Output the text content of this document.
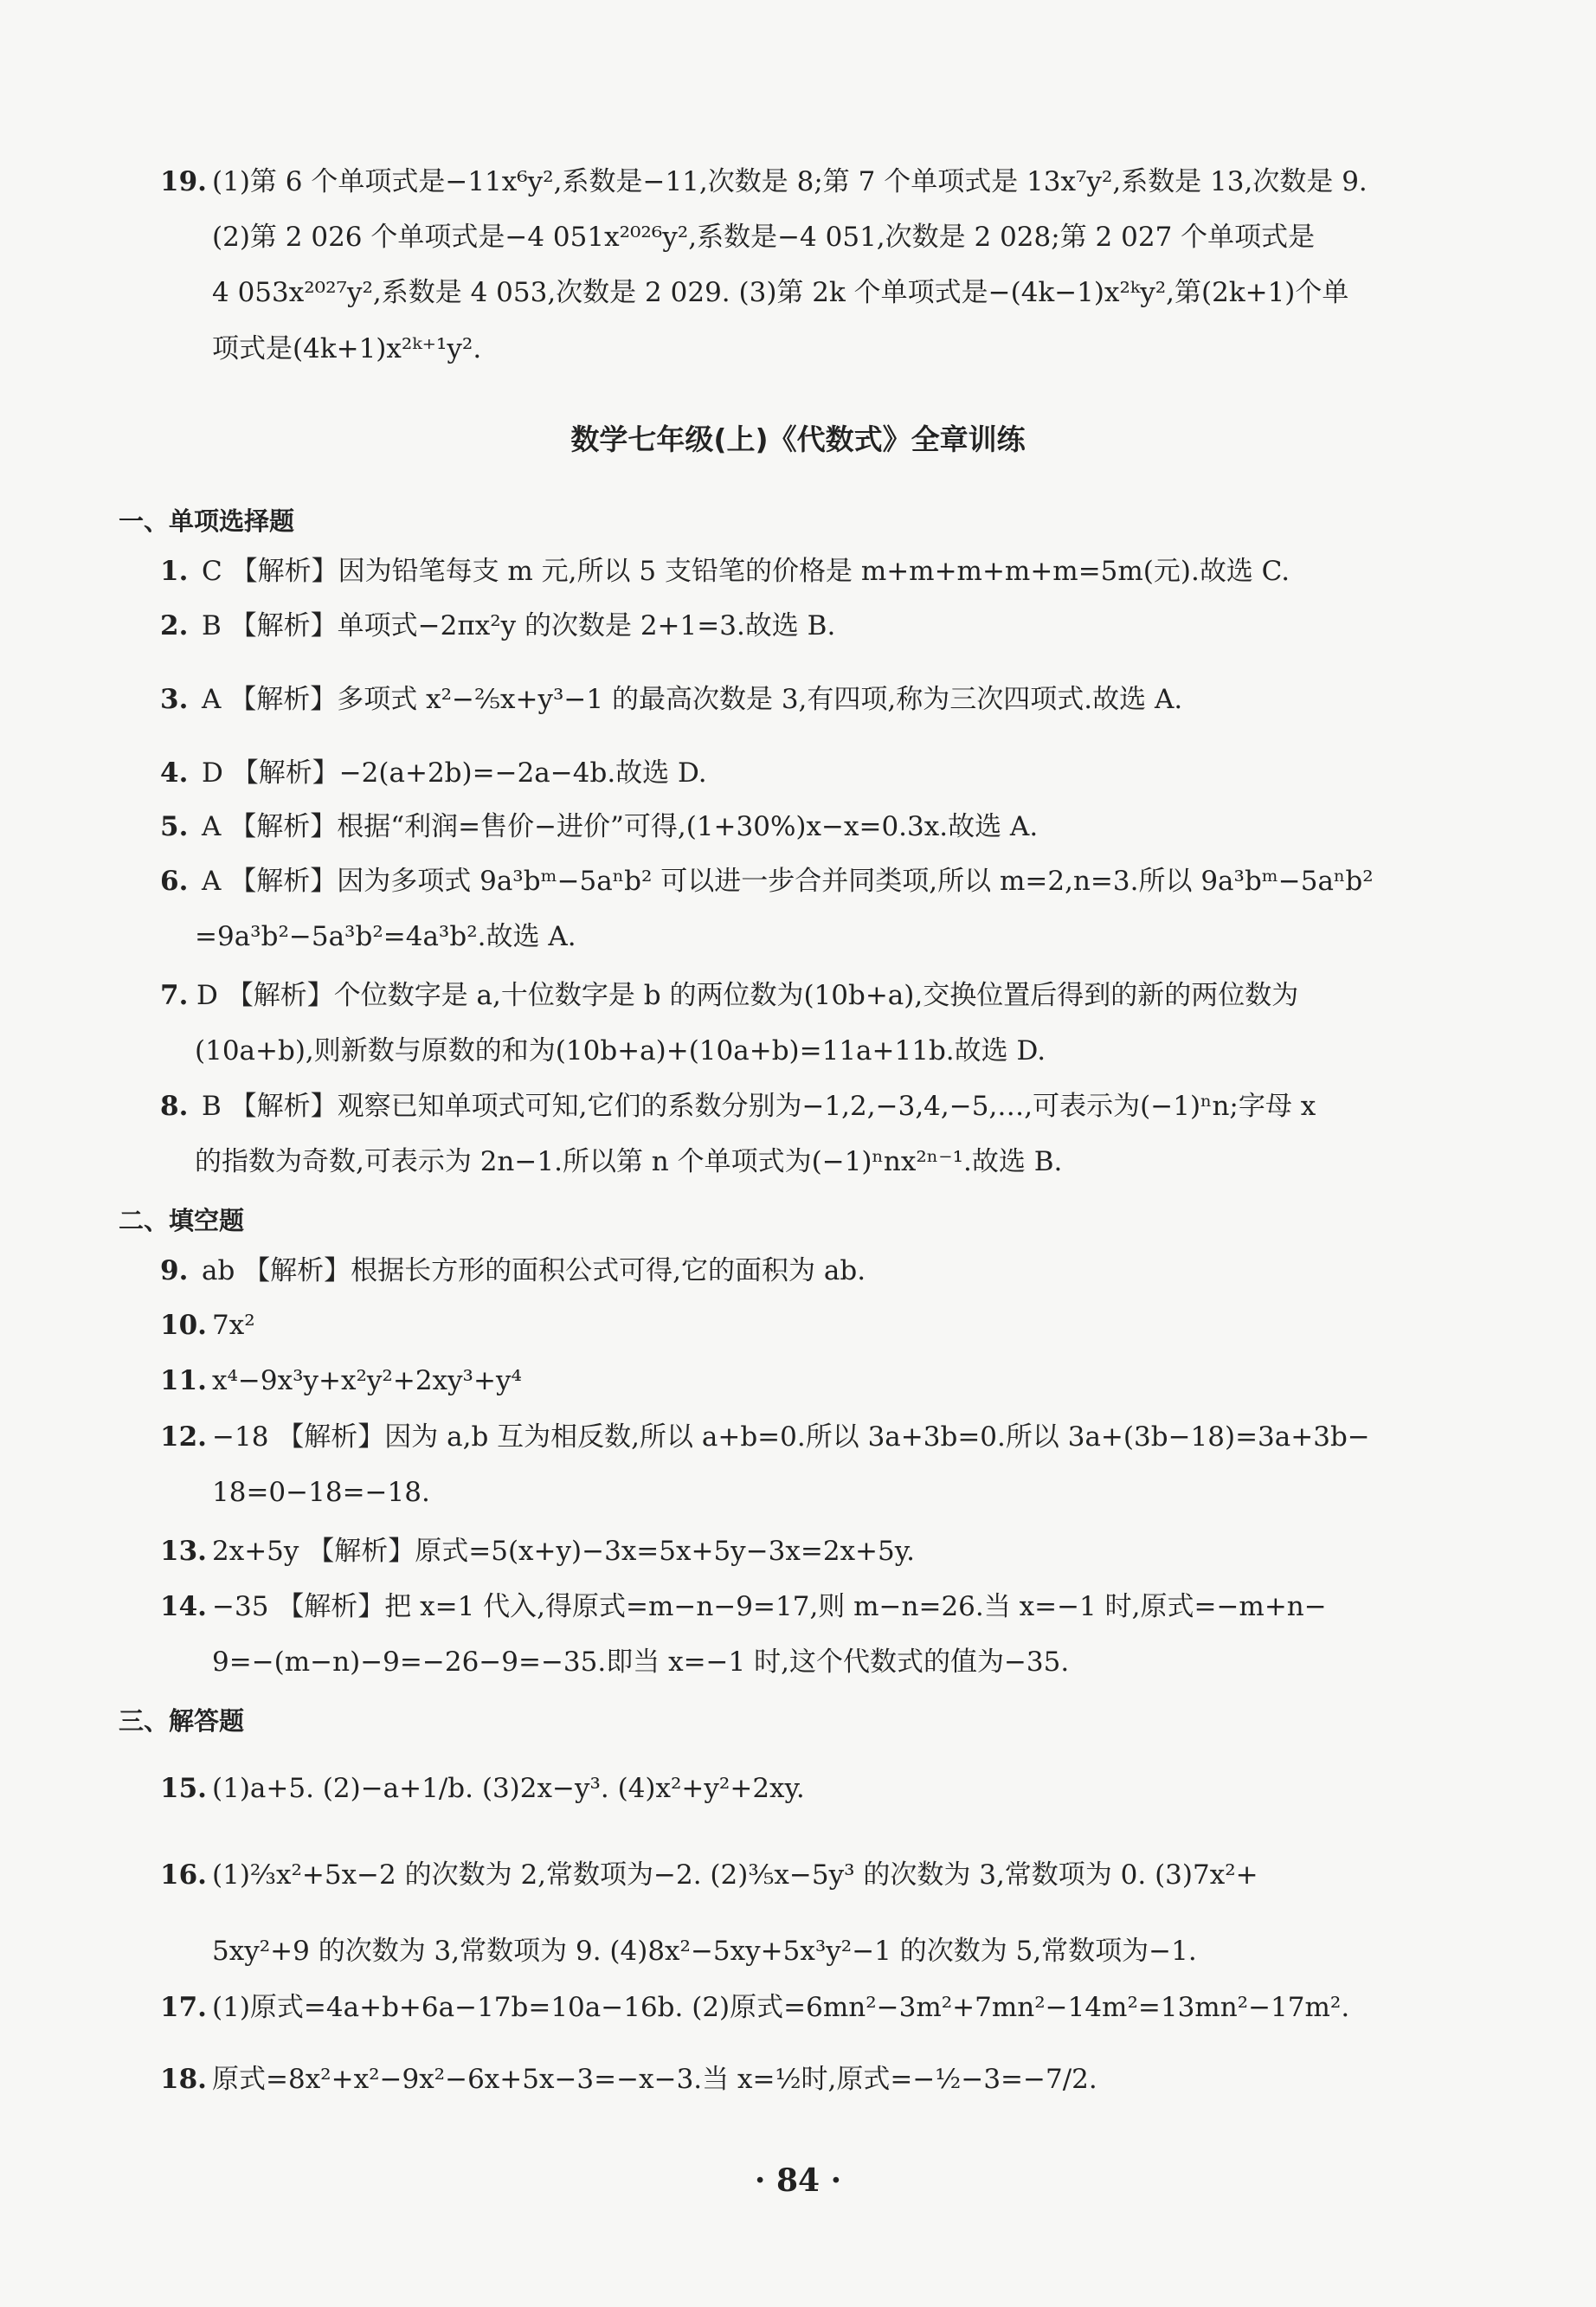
19. (1)第 6 个单项式是−11x⁶y²,系数是−11,次数是 8;第 7 个单项式是 13x⁷y²,系数是 13,次数是 9.
(2)第 2 026 个单项式是−4 051x²⁰²⁶y²,系数是−4 051,次数是 2 028;第 2 027 个单项式是
4 053x²⁰²⁷y²,系数是 4 053,次数是 2 029. (3)第 2k 个单项式是−(4k−1)x²ᵏy²,第(2k+1)个单
项式是(4k+1)x²ᵏ⁺¹y².
数学七年级(上)《代数式》全章训练
一、单项选择题
1. C 【解析】因为铅笔每支 m 元,所以 5 支铅笔的价格是 m+m+m+m+m=5m(元).故选 C.
2. B 【解析】单项式−2πx²y 的次数是 2+1=3.故选 B.
3. A 【解析】多项式 x²−⅖x+y³−1 的最高次数是 3,有四项,称为三次四项式.故选 A.
4. D 【解析】−2(a+2b)=−2a−4b.故选 D.
5. A 【解析】根据“利润=售价−进价”可得,(1+30%)x−x=0.3x.故选 A.
6. A 【解析】因为多项式 9a³bᵐ−5aⁿb² 可以进一步合并同类项,所以 m=2,n=3.所以 9a³bᵐ−5aⁿb²
=9a³b²−5a³b²=4a³b².故选 A.
7. D 【解析】个位数字是 a,十位数字是 b 的两位数为(10b+a),交换位置后得到的新的两位数为
(10a+b),则新数与原数的和为(10b+a)+(10a+b)=11a+11b.故选 D.
8. B 【解析】观察已知单项式可知,它们的系数分别为−1,2,−3,4,−5,…,可表示为(−1)ⁿn;字母 x
的指数为奇数,可表示为 2n−1.所以第 n 个单项式为(−1)ⁿnx²ⁿ⁻¹.故选 B.
二、填空题
9. ab 【解析】根据长方形的面积公式可得,它的面积为 ab.
10. 7x²
11. x⁴−9x³y+x²y²+2xy³+y⁴
12. −18 【解析】因为 a,b 互为相反数,所以 a+b=0.所以 3a+3b=0.所以 3a+(3b−18)=3a+3b−
18=0−18=−18.
13. 2x+5y 【解析】原式=5(x+y)−3x=5x+5y−3x=2x+5y.
14. −35 【解析】把 x=1 代入,得原式=m−n−9=17,则 m−n=26.当 x=−1 时,原式=−m+n−
9=−(m−n)−9=−26−9=−35.即当 x=−1 时,这个代数式的值为−35.
三、解答题
15. (1)a+5. (2)−a+1/b. (3)2x−y³. (4)x²+y²+2xy.
16. (1)⅔x²+5x−2 的次数为 2,常数项为−2. (2)⅗x−5y³ 的次数为 3,常数项为 0. (3)7x²+
5xy²+9 的次数为 3,常数项为 9. (4)8x²−5xy+5x³y²−1 的次数为 5,常数项为−1.
17. (1)原式=4a+b+6a−17b=10a−16b. (2)原式=6mn²−3m²+7mn²−14m²=13mn²−17m².
18. 原式=8x²+x²−9x²−6x+5x−3=−x−3.当 x=½时,原式=−½−3=−7/2.
· 84 ·
